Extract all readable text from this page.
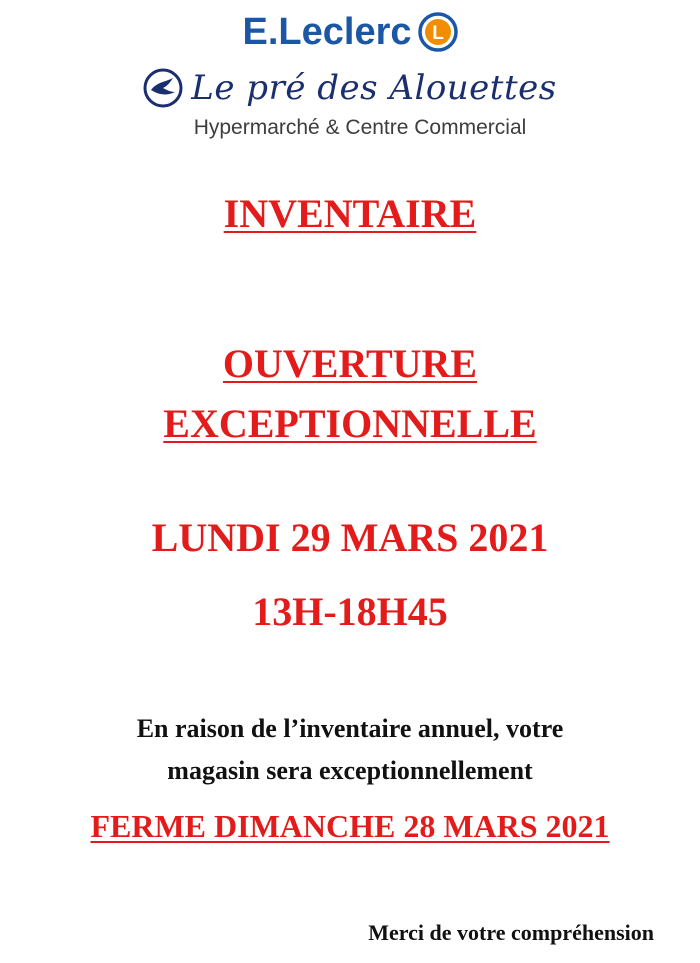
E.Leclerc L
Le pré des Alouettes
Hypermarché & Centre Commercial
INVENTAIRE
OUVERTURE
EXCEPTIONNELLE
LUNDI 29 MARS 2021
13H-18H45
En raison de l’inventaire annuel, votre
magasin sera exceptionnellement
FERME DIMANCHE 28 MARS 2021
Merci de votre compréhension
